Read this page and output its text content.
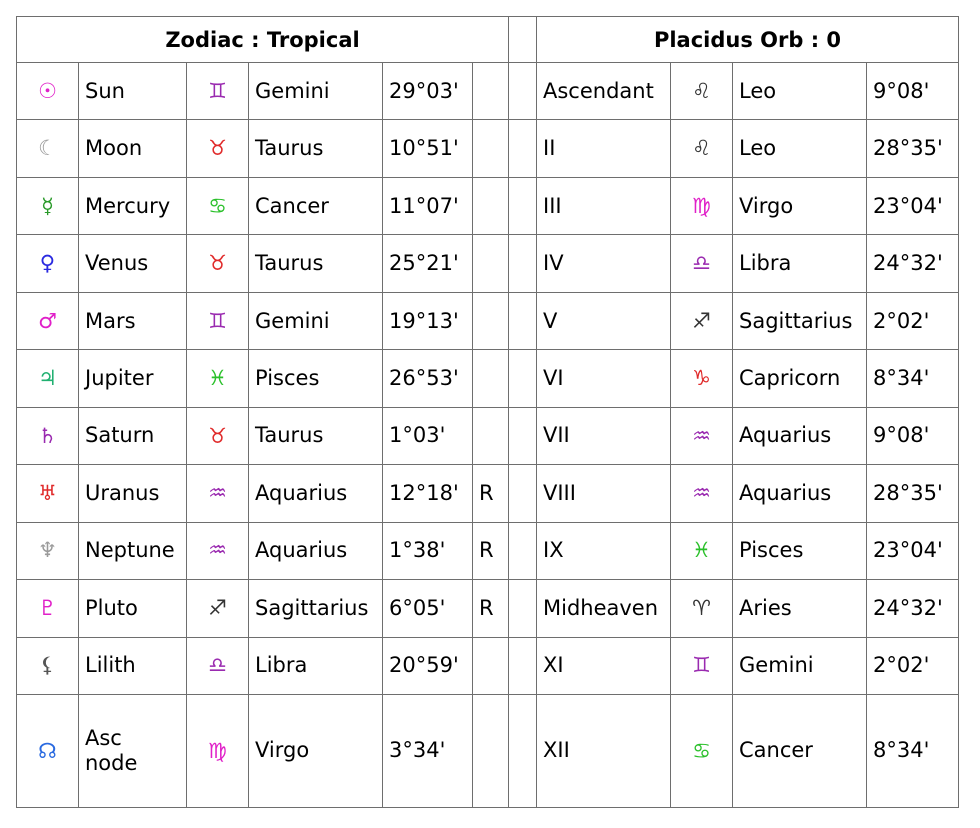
Zodiac : Tropical							Placidus Orb : 0			
☉	Sun	♊	Gemini	29°03'			Ascendant	♌	Leo	9°08'
☾	Moon	♉	Taurus	10°51'			II	♌	Leo	28°35'
☿	Mercury	♋	Cancer	11°07'			III	♍	Virgo	23°04'
♀	Venus	♉	Taurus	25°21'			IV	♎	Libra	24°32'
♂	Mars	♊	Gemini	19°13'			V	♐	Sagittarius	2°02'
♃	Jupiter	♓	Pisces	26°53'			VI	♑	Capricorn	8°34'
♄	Saturn	♉	Taurus	1°03'			VII	♒	Aquarius	9°08'
♅	Uranus	♒	Aquarius	12°18'	R		VIII	♒	Aquarius	28°35'
♆	Neptune	♒	Aquarius	1°38'	R		IX	♓	Pisces	23°04'
♇	Pluto	♐	Sagittarius	6°05'	R		Midheaven	♈	Aries	24°32'
⚸	Lilith	♎	Libra	20°59'			XI	♊	Gemini	2°02'
☊	Asc node	♍	Virgo	3°34'			XII	♋	Cancer	8°34'
